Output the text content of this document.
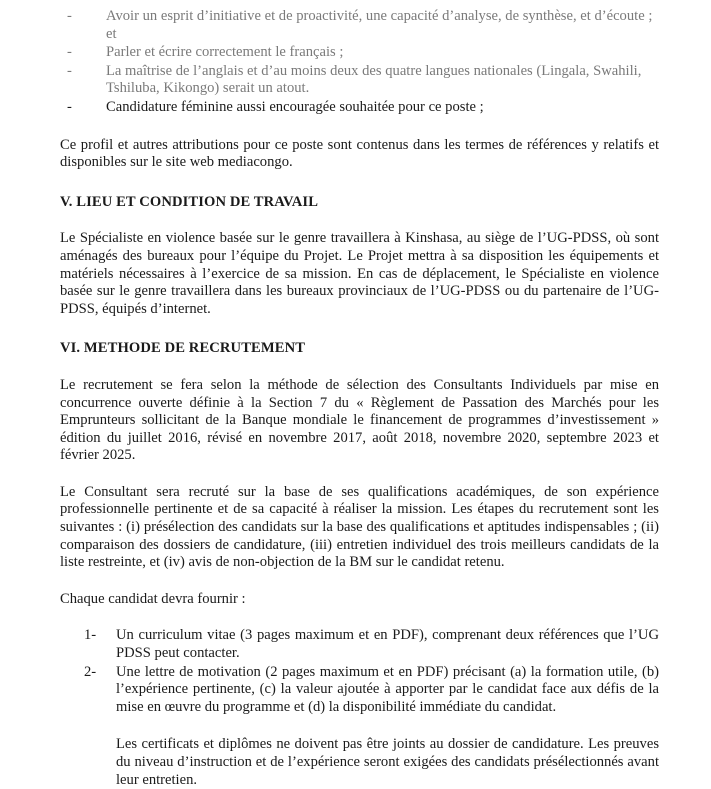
- Avoir un esprit d’initiative et de proactivité, une capacité d’analyse, de synthèse, et d’écoute ; et
- Parler et écrire correctement le français ;
- La maîtrise de l’anglais et d’au moins deux des quatre langues nationales (Lingala, Swahili, Tshiluba, Kikongo) serait un atout.
- Candidature féminine aussi encouragée souhaitée pour ce poste ;

Ce profil et autres attributions pour ce poste sont contenus dans les termes de références y relatifs et disponibles sur le site web mediacongo.

V. LIEU ET CONDITION DE TRAVAIL

Le Spécialiste en violence basée sur le genre travaillera à Kinshasa, au siège de l’UG-PDSS, où sont aménagés des bureaux pour l’équipe du Projet. Le Projet mettra à sa disposition les équipements et matériels nécessaires à l’exercice de sa mission. En cas de déplacement, le Spécialiste en violence basée sur le genre travaillera dans les bureaux provinciaux de l’UG-PDSS ou du partenaire de l’UG-PDSS, équipés d’internet.

VI. METHODE DE RECRUTEMENT

Le recrutement se fera selon la méthode de sélection des Consultants Individuels par mise en concurrence ouverte définie à la Section 7 du « Règlement de Passation des Marchés pour les Emprunteurs sollicitant de la Banque mondiale le financement de programmes d’investissement » édition du juillet 2016, révisé en novembre 2017, août 2018, novembre 2020, septembre 2023 et février 2025.

Le Consultant sera recruté sur la base de ses qualifications académiques, de son expérience professionnelle pertinente et de sa capacité à réaliser la mission. Les étapes du recrutement sont les suivantes : (i) présélection des candidats sur la base des qualifications et aptitudes indispensables ; (ii) comparaison des dossiers de candidature, (iii) entretien individuel des trois meilleurs candidats de la liste restreinte, et (iv) avis de non-objection de la BM sur le candidat retenu.

Chaque candidat devra fournir :

1- Un curriculum vitae (3 pages maximum et en PDF), comprenant deux références que l’UG PDSS peut contacter.
2- Une lettre de motivation (2 pages maximum et en PDF) précisant (a) la formation utile, (b) l’expérience pertinente, (c) la valeur ajoutée à apporter par le candidat face aux défis de la mise en œuvre du programme et (d) la disponibilité immédiate du candidat.

Les certificats et diplômes ne doivent pas être joints au dossier de candidature. Les preuves du niveau d’instruction et de l’expérience seront exigées des candidats présélectionnés avant leur entretien.
